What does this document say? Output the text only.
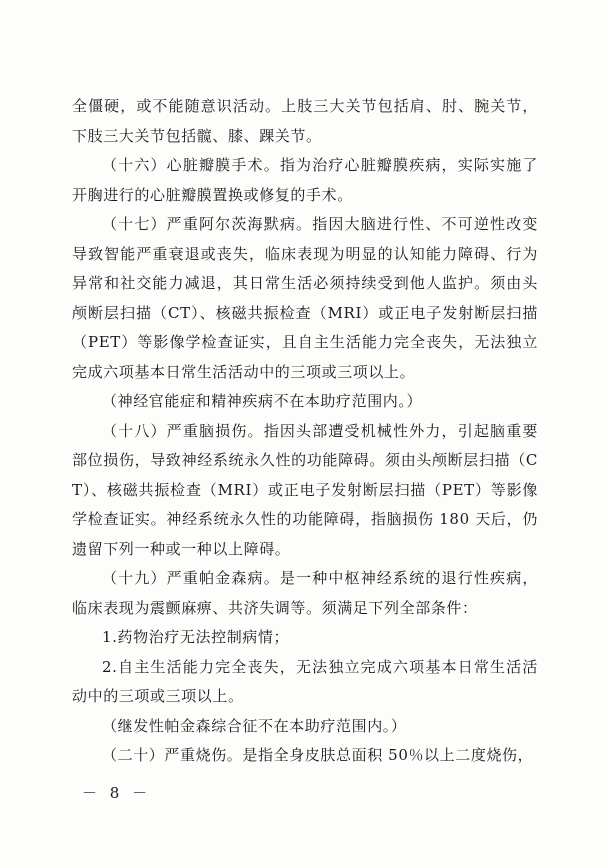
全僵硬，或不能随意识活动。上肢三大关节包括肩、肘、腕关节，下肢三大关节包括髋、膝、踝关节。

（十六）心脏瓣膜手术。指为治疗心脏瓣膜疾病，实际实施了开胸进行的心脏瓣膜置换或修复的手术。

（十七）严重阿尔茨海默病。指因大脑进行性、不可逆性改变导致智能严重衰退或丧失，临床表现为明显的认知能力障碍、行为异常和社交能力减退，其日常生活必须持续受到他人监护。须由头颅断层扫描（CT）、核磁共振检查（MRI）或正电子发射断层扫描（PET）等影像学检查证实，且自主生活能力完全丧失，无法独立完成六项基本日常生活活动中的三项或三项以上。

（神经官能症和精神疾病不在本助疗范围内。）

（十八）严重脑损伤。指因头部遭受机械性外力，引起脑重要部位损伤，导致神经系统永久性的功能障碍。须由头颅断层扫描（CT）、核磁共振检查（MRI）或正电子发射断层扫描（PET）等影像学检查证实。神经系统永久性的功能障碍，指脑损伤 180 天后，仍遗留下列一种或一种以上障碍。

（十九）严重帕金森病。是一种中枢神经系统的退行性疾病，临床表现为震颤麻痹、共济失调等。须满足下列全部条件：

1.药物治疗无法控制病情；

2.自主生活能力完全丧失，无法独立完成六项基本日常生活活动中的三项或三项以上。

（继发性帕金森综合征不在本助疗范围内。）

（二十）严重烧伤。是指全身皮肤总面积 50％以上二度烧伤，

－ 8 －
